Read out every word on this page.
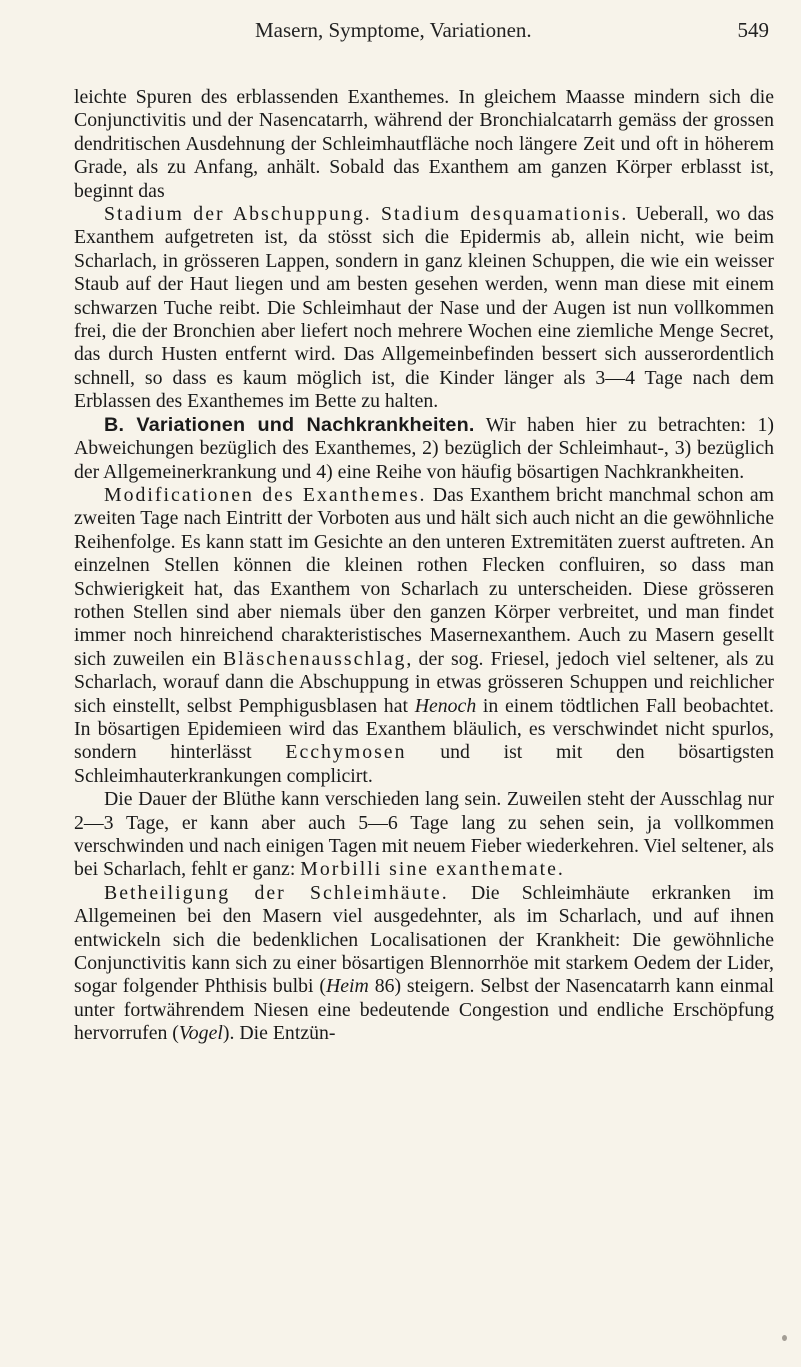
Masern, Symptome, Variationen.	549

leichte Spuren des erblassenden Exanthemes. In gleichem Maasse mindern sich die Conjunctivitis und der Nasencatarrh, während der Bronchialcatarrh gemäss der grossen dendritischen Ausdehnung der Schleimhautfläche noch längere Zeit und oft in höherem Grade, als zu Anfang, anhält. Sobald das Exanthem am ganzen Körper erblasst ist, beginnt das

Stadium der Abschuppung. Stadium desquamationis. Ueberall, wo das Exanthem aufgetreten ist, da stösst sich die Epidermis ab, allein nicht, wie beim Scharlach, in grösseren Lappen, sondern in ganz kleinen Schuppen, die wie ein weisser Staub auf der Haut liegen und am besten gesehen werden, wenn man diese mit einem schwarzen Tuche reibt. Die Schleimhaut der Nase und der Augen ist nun vollkommen frei, die der Bronchien aber liefert noch mehrere Wochen eine ziemliche Menge Secret, das durch Husten entfernt wird. Das Allgemeinbefinden bessert sich ausserordentlich schnell, so dass es kaum möglich ist, die Kinder länger als 3—4 Tage nach dem Erblassen des Exanthemes im Bette zu halten.

B. Variationen und Nachkrankheiten. Wir haben hier zu betrachten: 1) Abweichungen bezüglich des Exanthemes, 2) bezüglich der Schleimhaut-, 3) bezüglich der Allgemeinerkrankung und 4) eine Reihe von häufig bösartigen Nachkrankheiten.

Modificationen des Exanthemes. Das Exanthem bricht manchmal schon am zweiten Tage nach Eintritt der Vorboten aus und hält sich auch nicht an die gewöhnliche Reihenfolge. Es kann statt im Gesichte an den unteren Extremitäten zuerst auftreten. An einzelnen Stellen können die kleinen rothen Flecken confluiren, so dass man Schwierigkeit hat, das Exanthem von Scharlach zu unterscheiden. Diese grösseren rothen Stellen sind aber niemals über den ganzen Körper verbreitet, und man findet immer noch hinreichend charakteristisches Masernexanthem. Auch zu Masern gesellt sich zuweilen ein Bläschenausschlag, der sog. Friesel, jedoch viel seltener, als zu Scharlach, worauf dann die Abschuppung in etwas grösseren Schuppen und reichlicher sich einstellt, selbst Pemphigusblasen hat Henoch in einem tödtlichen Fall beobachtet. In bösartigen Epidemieen wird das Exanthem bläulich, es verschwindet nicht spurlos, sondern hinterlässt Ecchymosen und ist mit den bösartigsten Schleimhauterkrankungen complicirt.

Die Dauer der Blüthe kann verschieden lang sein. Zuweilen steht der Ausschlag nur 2—3 Tage, er kann aber auch 5—6 Tage lang zu sehen sein, ja vollkommen verschwinden und nach einigen Tagen mit neuem Fieber wiederkehren. Viel seltener, als bei Scharlach, fehlt er ganz: Morbilli sine exanthemate.

Betheiligung der Schleimhäute. Die Schleimhäute erkranken im Allgemeinen bei den Masern viel ausgedehnter, als im Scharlach, und auf ihnen entwickeln sich die bedenklichen Localisationen der Krankheit: Die gewöhnliche Conjunctivitis kann sich zu einer bösartigen Blennorrhöe mit starkem Oedem der Lider, sogar folgender Phthisis bulbi (Heim 86) steigern. Selbst der Nasencatarrh kann einmal unter fortwährendem Niesen eine bedeutende Congestion und endliche Erschöpfung hervorrufen (Vogel). Die Entzün-
